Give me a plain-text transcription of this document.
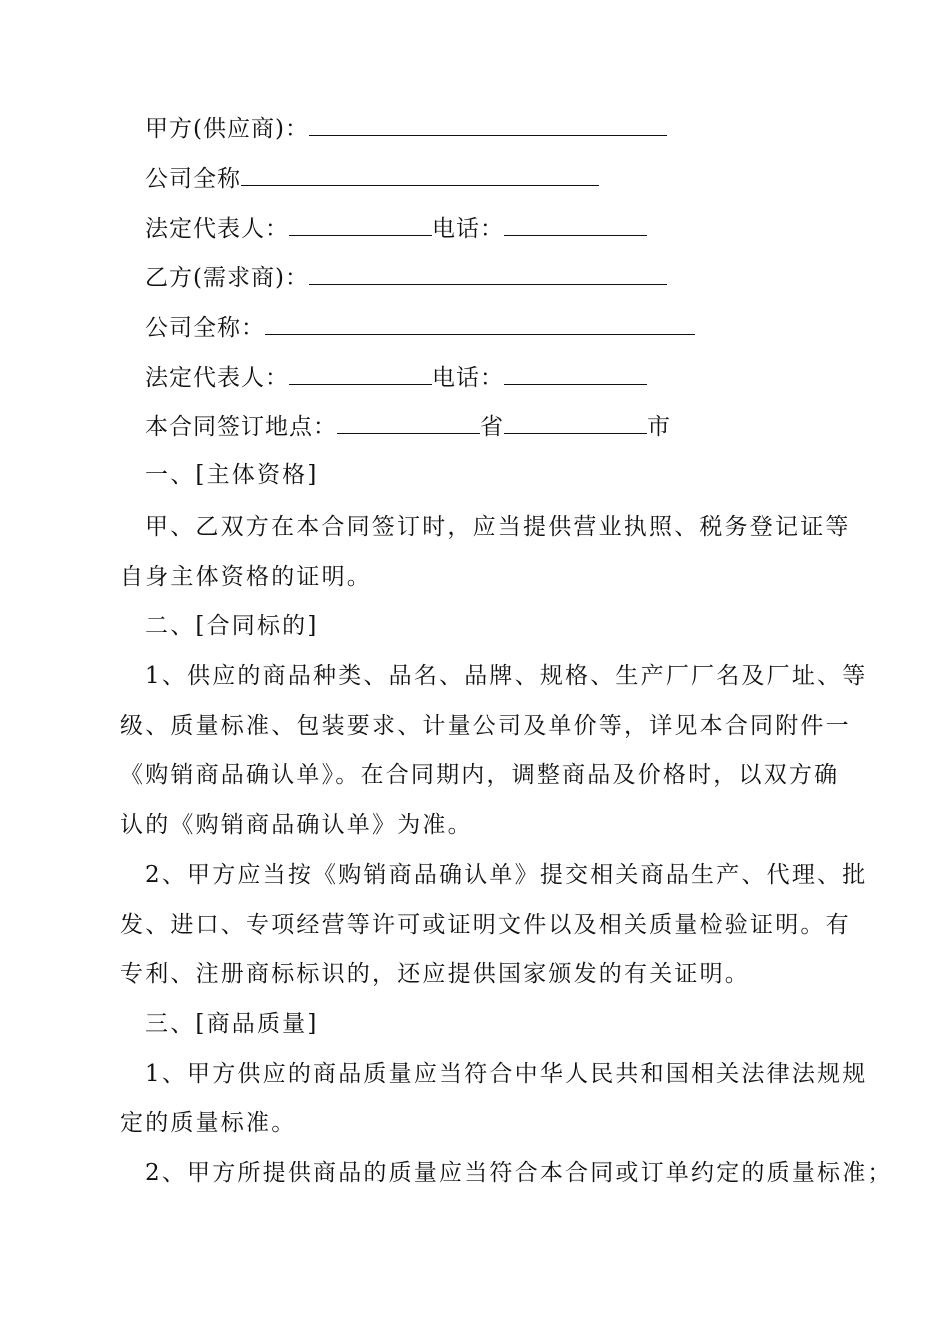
甲方(供应商)：
公司全称
法定代表人：	电话：
乙方(需求商)：
公司全称：
法定代表人：	电话：
本合同签订地点：	省	市
一、[主体资格]
甲、乙双方在本合同签订时，应当提供营业执照、税务登记证等
自身主体资格的证明。
二、[合同标的]
1、供应的商品种类、品名、品牌、规格、生产厂厂名及厂址、等
级、质量标准、包装要求、计量公司及单价等，详见本合同附件一
《购销商品确认单》。在合同期内，调整商品及价格时，以双方确
认的《购销商品确认单》为准。
2、甲方应当按《购销商品确认单》提交相关商品生产、代理、批
发、进口、专项经营等许可或证明文件以及相关质量检验证明。有
专利、注册商标标识的，还应提供国家颁发的有关证明。
三、[商品质量]
1、甲方供应的商品质量应当符合中华人民共和国相关法律法规规
定的质量标准。
2、甲方所提供商品的质量应当符合本合同或订单约定的质量标准；
